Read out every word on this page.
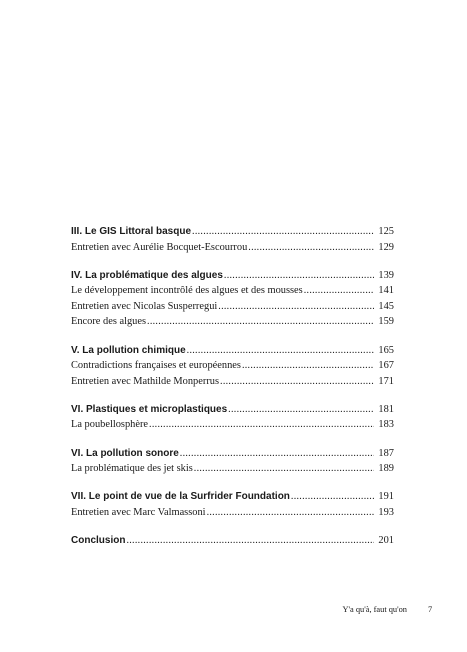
III. Le GIS Littoral basque .....	125
Entretien avec Aurélie Bocquet-Escourrou .....	129
IV. La problématique des algues .....	139
Le développement incontrôlé des algues et des mousses .....	141
Entretien avec Nicolas Susperregui .....	145
Encore des algues .....	159
V. La pollution chimique .....	165
Contradictions françaises et européennes .....	167
Entretien avec Mathilde Monperrus .....	171
VI. Plastiques et microplastiques .....	181
La poubellosphère .....	183
VI. La pollution sonore .....	187
La problématique des jet skis .....	189
VII. Le point de vue de la Surfrider Foundation .....	191
Entretien avec Marc Valmassoni .....	193
Conclusion .....	201
Y'a qu'à, faut qu'on	7
